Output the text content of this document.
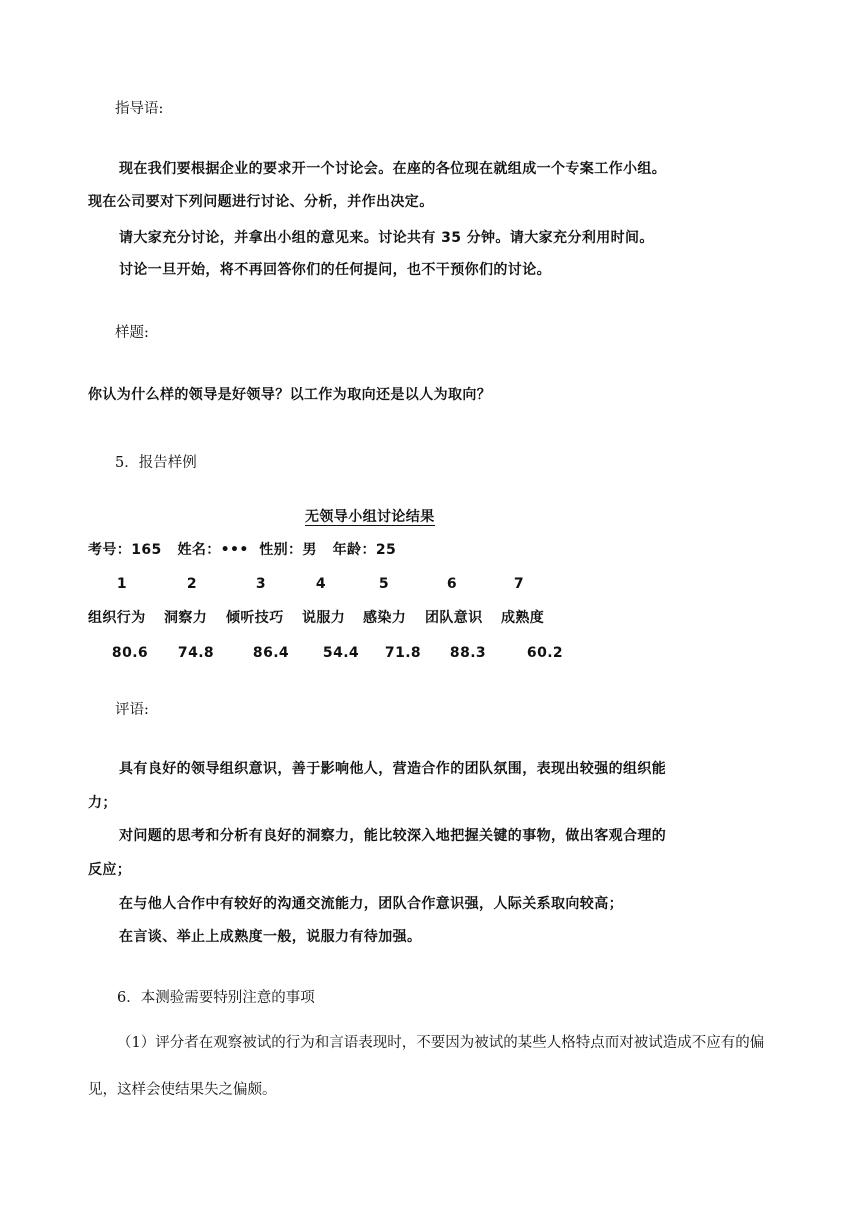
指导语:
现在我们要根据企业的要求开一个讨论会。在座的各位现在就组成一个专案工作小组。
现在公司要对下列问题进行讨论、分析，并作出决定。
请大家充分讨论，并拿出小组的意见来。讨论共有 35 分钟。请大家充分利用时间。
讨论一旦开始，将不再回答你们的任何提问，也不干预你们的讨论。
样题:
你认为什么样的领导是好领导？以工作为取向还是以人为取向？
5．报告样例
无领导小组讨论结果
考号：165   姓名：•••  性别：男   年龄：25
1	2	3	4	5	6	7
组织行为 洞察力 倾听技巧 说服力 感染力 团队意识 成熟度
80.6 74.8	86.4 54.4 71.8 88.3	60.2
评语:
具有良好的领导组织意识，善于影响他人，营造合作的团队氛围，表现出较强的组织能
力；
对问题的思考和分析有良好的洞察力，能比较深入地把握关键的事物，做出客观合理的
反应；
在与他人合作中有较好的沟通交流能力，团队合作意识强，人际关系取向较高；
在言谈、举止上成熟度一般，说服力有待加强。
6．本测验需要特别注意的事项
（1）评分者在观察被试的行为和言语表现时，不要因为被试的某些人格特点而对被试造成不应有的偏
见，这样会使结果失之偏颇。
